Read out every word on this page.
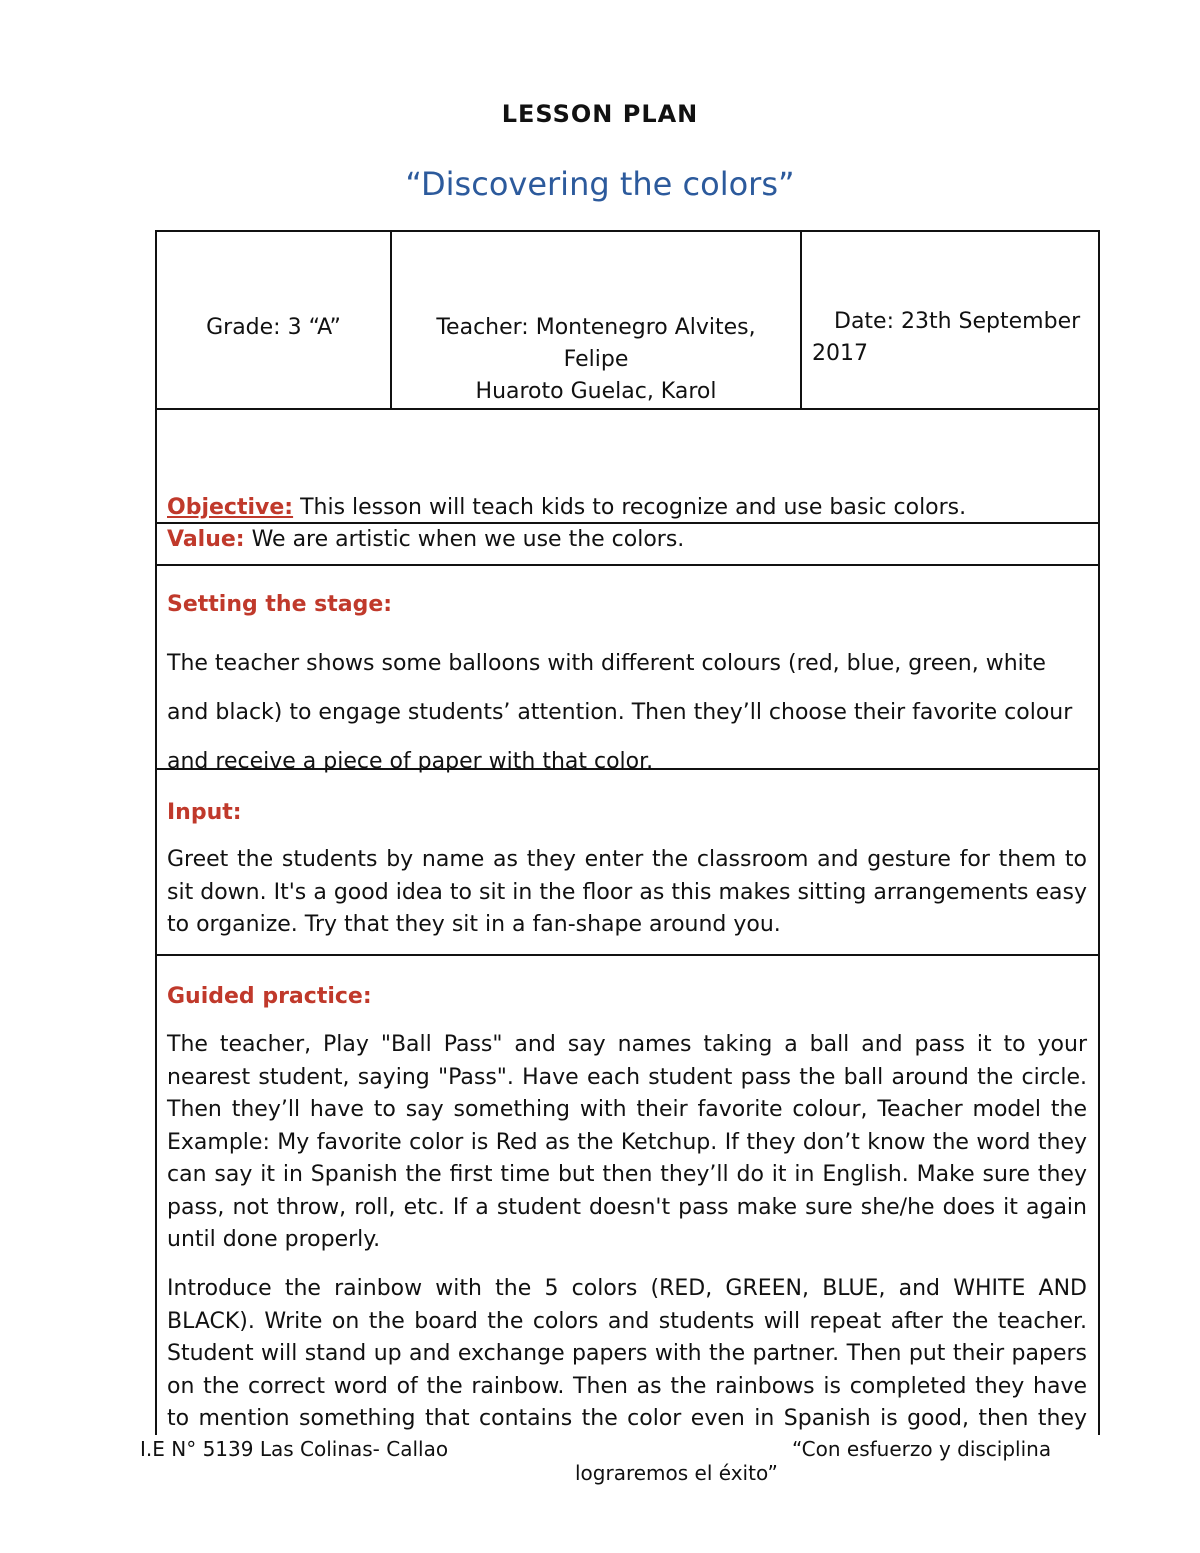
LESSON PLAN
“Discovering the colors”
Grade: 3 “A”	Teacher: Montenegro Alvites,
Felipe
Huaroto Guelac, Karol
Date: 23th September
2017
Objective: This lesson will teach kids to recognize and use basic colors.
Value: We are artistic when we use the colors.
Setting the stage:
The teacher shows some balloons with different colours (red, blue, green, white and black) to engage students’ attention. Then they’ll choose their favorite colour and receive a piece of paper with that color.
Input:
Greet the students by name as they enter the classroom and gesture for them to sit down. It's a good idea to sit in the floor as this makes sitting arrangements easy to organize. Try that they sit in a fan-shape around you.
Guided practice:
The teacher, Play "Ball Pass" and say names taking a ball and pass it to your nearest student, saying "Pass". Have each student pass the ball around the circle. Then they’ll have to say something with their favorite colour, Teacher model the Example: My favorite color is Red as the Ketchup. If they don’t know the word they can say it in Spanish the first time but then they’ll do it in English. Make sure they pass, not throw, roll, etc. If a student doesn't pass make sure she/he does it again until done properly.
Introduce the rainbow with the 5 colors (RED, GREEN, BLUE, and WHITE AND BLACK). Write on the board the colors and students will repeat after the teacher. Student will stand up and exchange papers with the partner. Then put their papers on the correct word of the rainbow. Then as the rainbows is completed they have to mention something that contains the color even in Spanish is good, then they
I.E N° 5139 Las Colinas- Callao	“Con esfuerzo y disciplina
lograremos el éxito”
